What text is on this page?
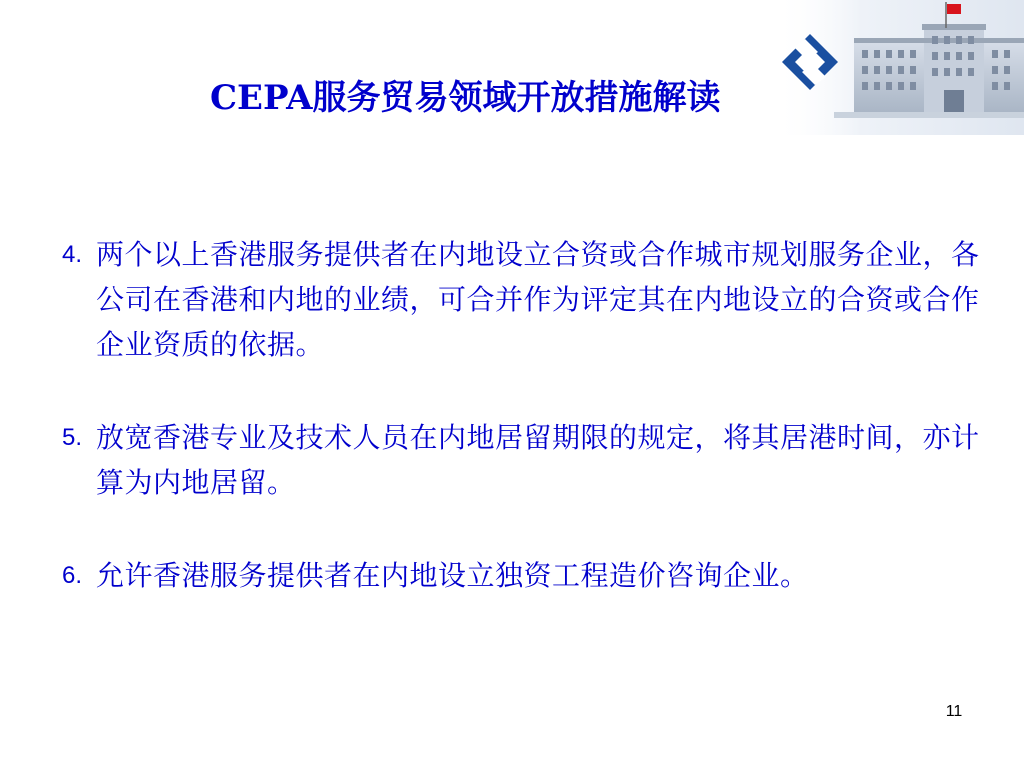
CEPA服务贸易领域开放措施解读
4. 两个以上香港服务提供者在内地设立合资或合作城市规划服务企业，各公司在香港和内地的业绩，可合并作为评定其在内地设立的合资或合作企业资质的依据。
5. 放宽香港专业及技术人员在内地居留期限的规定，将其居港时间，亦计算为内地居留。
6. 允许香港服务提供者在内地设立独资工程造价咨询企业。
11
